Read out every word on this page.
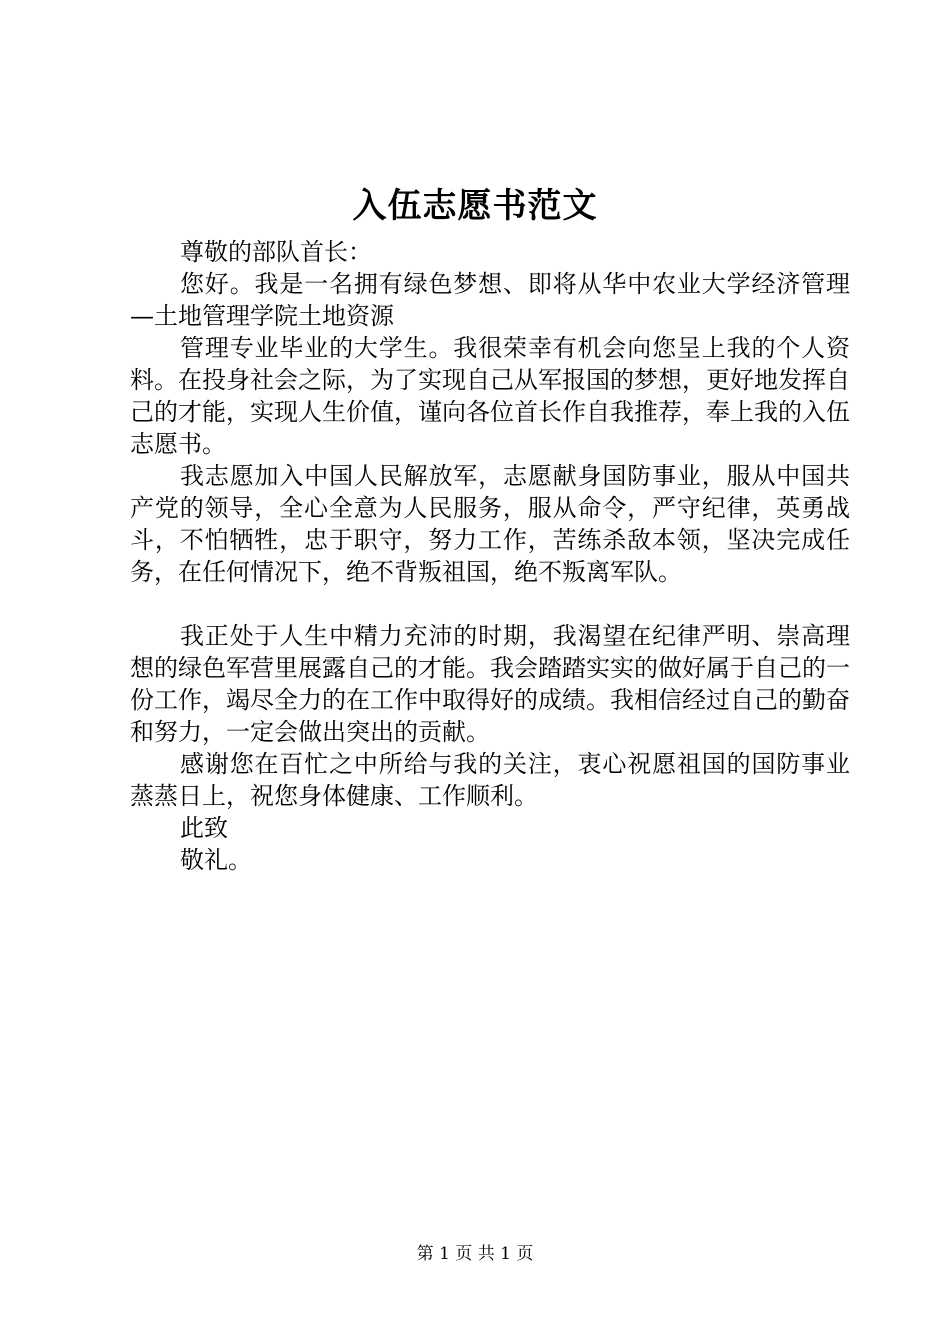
入伍志愿书范文

尊敬的部队首长：

您好。我是一名拥有绿色梦想、即将从华中农业大学经济管理—土地管理学院土地资源

管理专业毕业的大学生。我很荣幸有机会向您呈上我的个人资料。在投身社会之际，为了实现自己从军报国的梦想，更好地发挥自己的才能，实现人生价值，谨向各位首长作自我推荐，奉上我的入伍志愿书。

我志愿加入中国人民解放军，志愿献身国防事业，服从中国共产党的领导，全心全意为人民服务，服从命令，严守纪律，英勇战斗，不怕牺牲，忠于职守，努力工作，苦练杀敌本领，坚决完成任务，在任何情况下，绝不背叛祖国，绝不叛离军队。

我正处于人生中精力充沛的时期，我渴望在纪律严明、崇高理想的绿色军营里展露自己的才能。我会踏踏实实的做好属于自己的一份工作，竭尽全力的在工作中取得好的成绩。我相信经过自己的勤奋和努力，一定会做出突出的贡献。

感谢您在百忙之中所给与我的关注，衷心祝愿祖国的国防事业蒸蒸日上，祝您身体健康、工作顺利。

此致

敬礼。

第 1 页 共 1 页
